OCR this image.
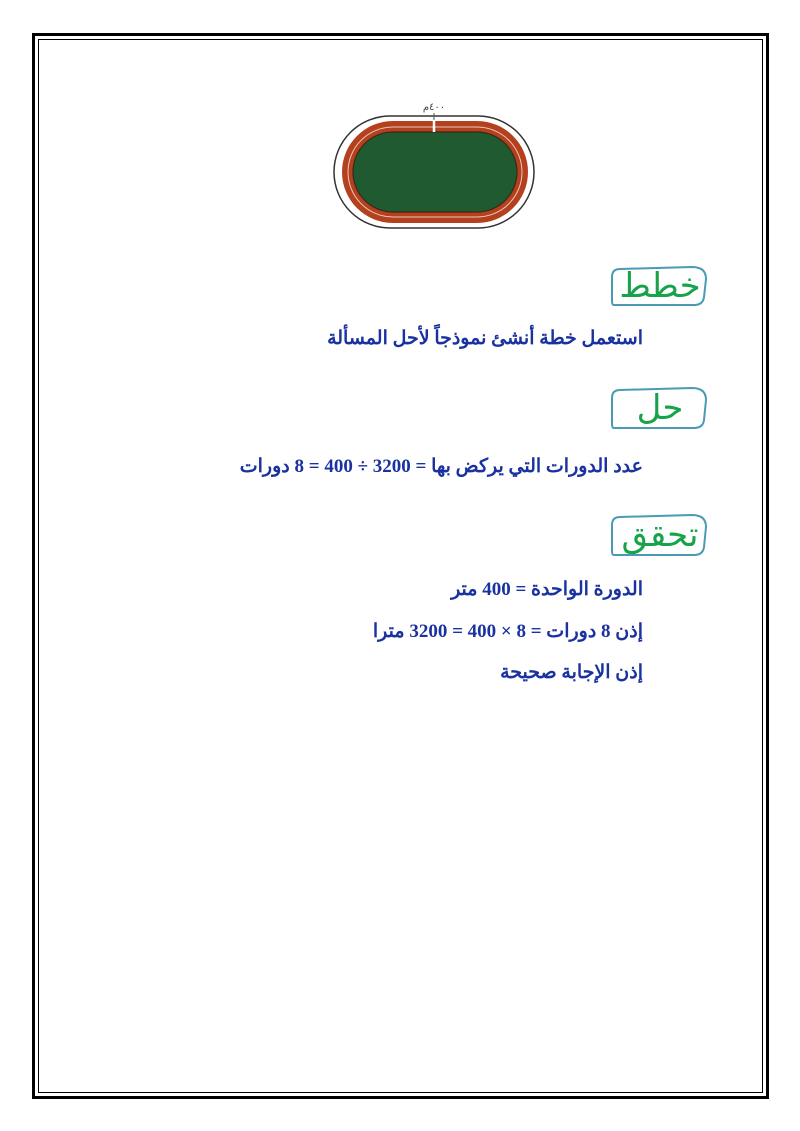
٤٠٠م
خطط
استعمل خطة أنشئ نموذجاً لأحل المسألة
حل
عدد الدورات التي يركض بها = 3200 ÷ 400 = 8 دورات
تحقق
الدورة الواحدة = 400 متر
إذن 8 دورات = 8 × 400 = 3200 مترا
إذن الإجابة صحيحة
